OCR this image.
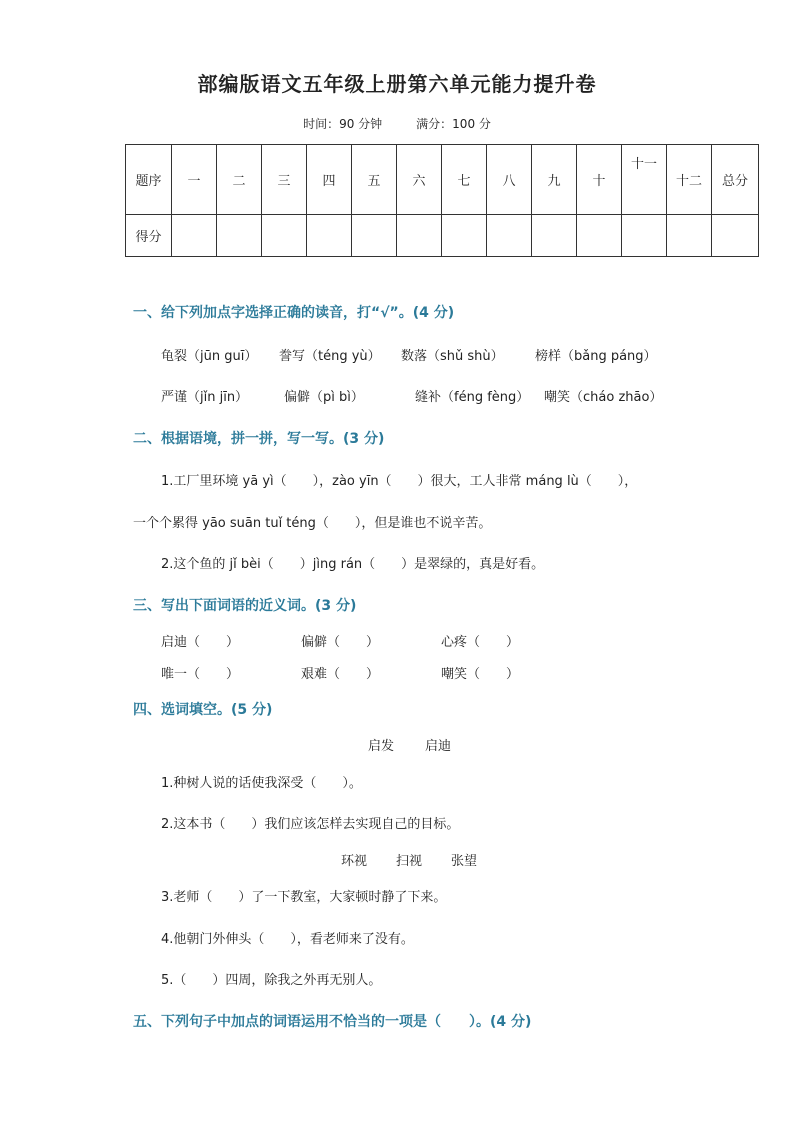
部编版语文五年级上册第六单元能力提升卷
时间：90 分钟	满分：100 分
题序	一	二	三	四	五	六	七	八	九	十	十一	十二	总分
得分													
一、给下列加点字选择正确的读音，打“√”。(4 分)
龟裂（jūn guī） 誊写（téng yù） 数落（shǔ shù） 榜样（bǎng páng）
严谨（jǐn jīn）	偏僻（pì bì）	缝补（féng fèng） 嘲笑（cháo zhāo）
二、根据语境，拼一拼，写一写。(3 分)
1.工厂里环境 yā yì（　　），zào yīn（　　）很大，工人非常 máng lù（　　），
一个个累得 yāo suān tuǐ téng（　　），但是谁也不说辛苦。
2.这个鱼的 jǐ bèi（　　）jìng rán（　　）是翠绿的，真是好看。
三、写出下面词语的近义词。(3 分)
启迪（　　）	偏僻（　　）	心疼（　　）
唯一（　　）	艰难（　　）	嘲笑（　　）
四、选词填空。(5 分)
启发 启迪
1.种树人说的话使我深受（　　）。
2.这本书（　　）我们应该怎样去实现自己的目标。
环视 扫视 张望
3.老师（　　）了一下教室，大家顿时静了下来。
4.他朝门外伸头（　　），看老师来了没有。
5.（　　）四周，除我之外再无别人。
五、下列句子中加点的词语运用不恰当的一项是（　　）。(4 分)
